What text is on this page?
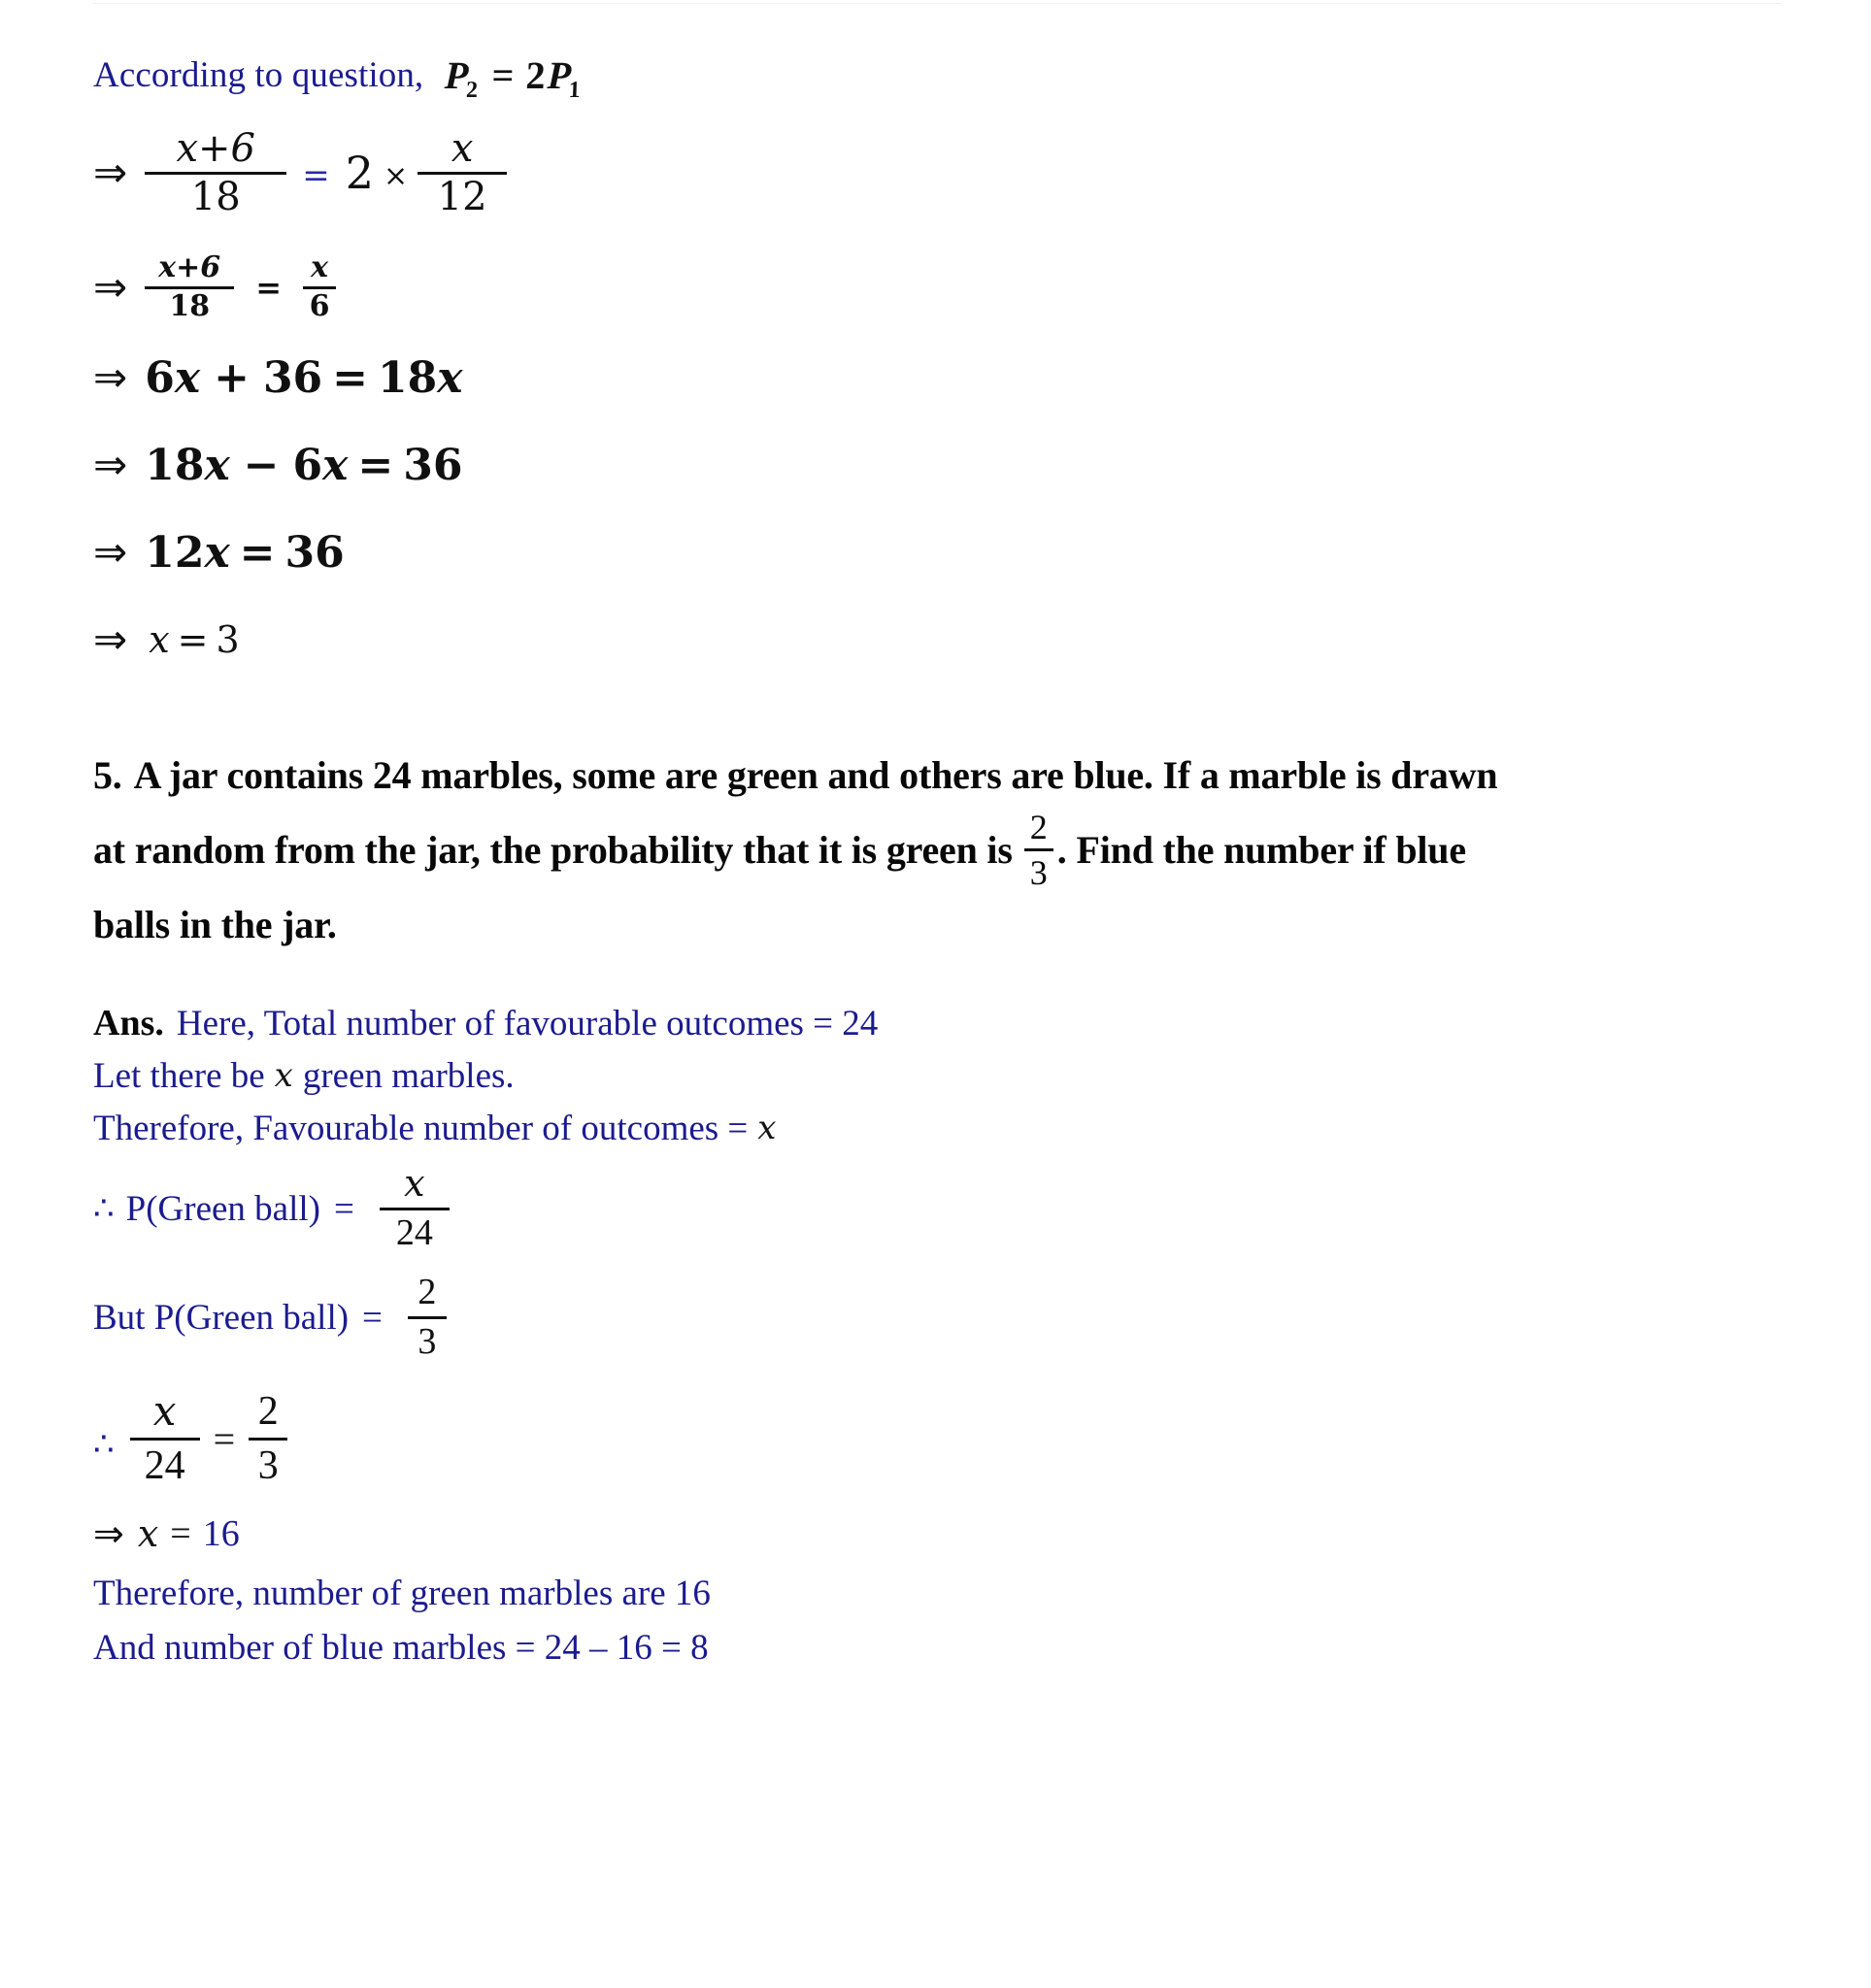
According to question, P
2 = 2 P
1
⇒ $\frac{x+6}{18} = 2 \times \frac{x}{12}$
⇒ $\frac{x+6}{18} = \frac{x}{6}$
⇒ 6 x + 36 = 18 x
⇒ 18 x − 6 x = 36
⇒ 12 x = 36
⇒ x = 3
5. A jar contains 24 marbles, some are green and others are blue. If a marble is drawn
at random from the jar, the probability that it is green is $\frac{2}{3}$ . Find the number if blue
balls in the jar.
Ans. Here, Total number of favourable outcomes = 24
Let there be x green marbles.
Therefore, Favourable number of outcomes = x
∴ P(Green ball) = $\frac{x}{24}$
But P(Green ball) = $\frac{2}{3}$
∴ $\frac{x}{24} = \frac{2}{3}$
⇒ x = 16
Therefore, number of green marbles are 16
And number of blue marbles = 24 – 16 = 8
